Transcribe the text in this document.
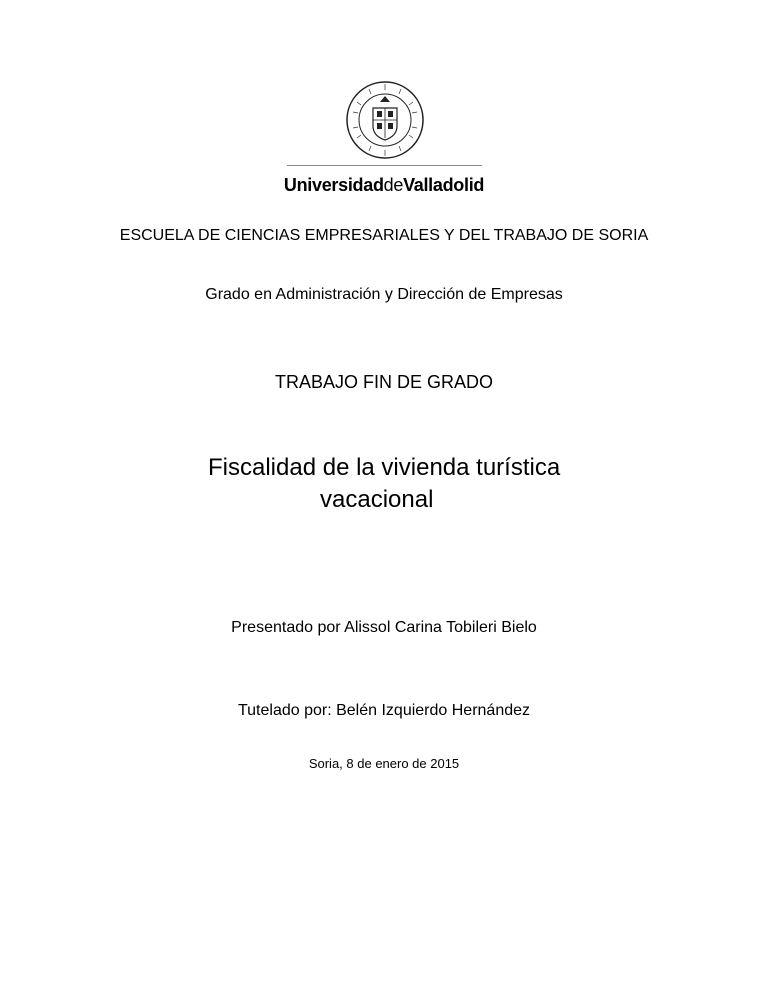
UniversidaddeValladolid
ESCUELA DE CIENCIAS EMPRESARIALES Y DEL TRABAJO DE SORIA
Grado en Administración y Dirección de Empresas
TRABAJO FIN DE GRADO
Fiscalidad de la vivienda turística
vacacional
Presentado por Alissol Carina Tobileri Bielo
Tutelado por: Belén Izquierdo Hernández
Soria, 8 de enero de 2015
